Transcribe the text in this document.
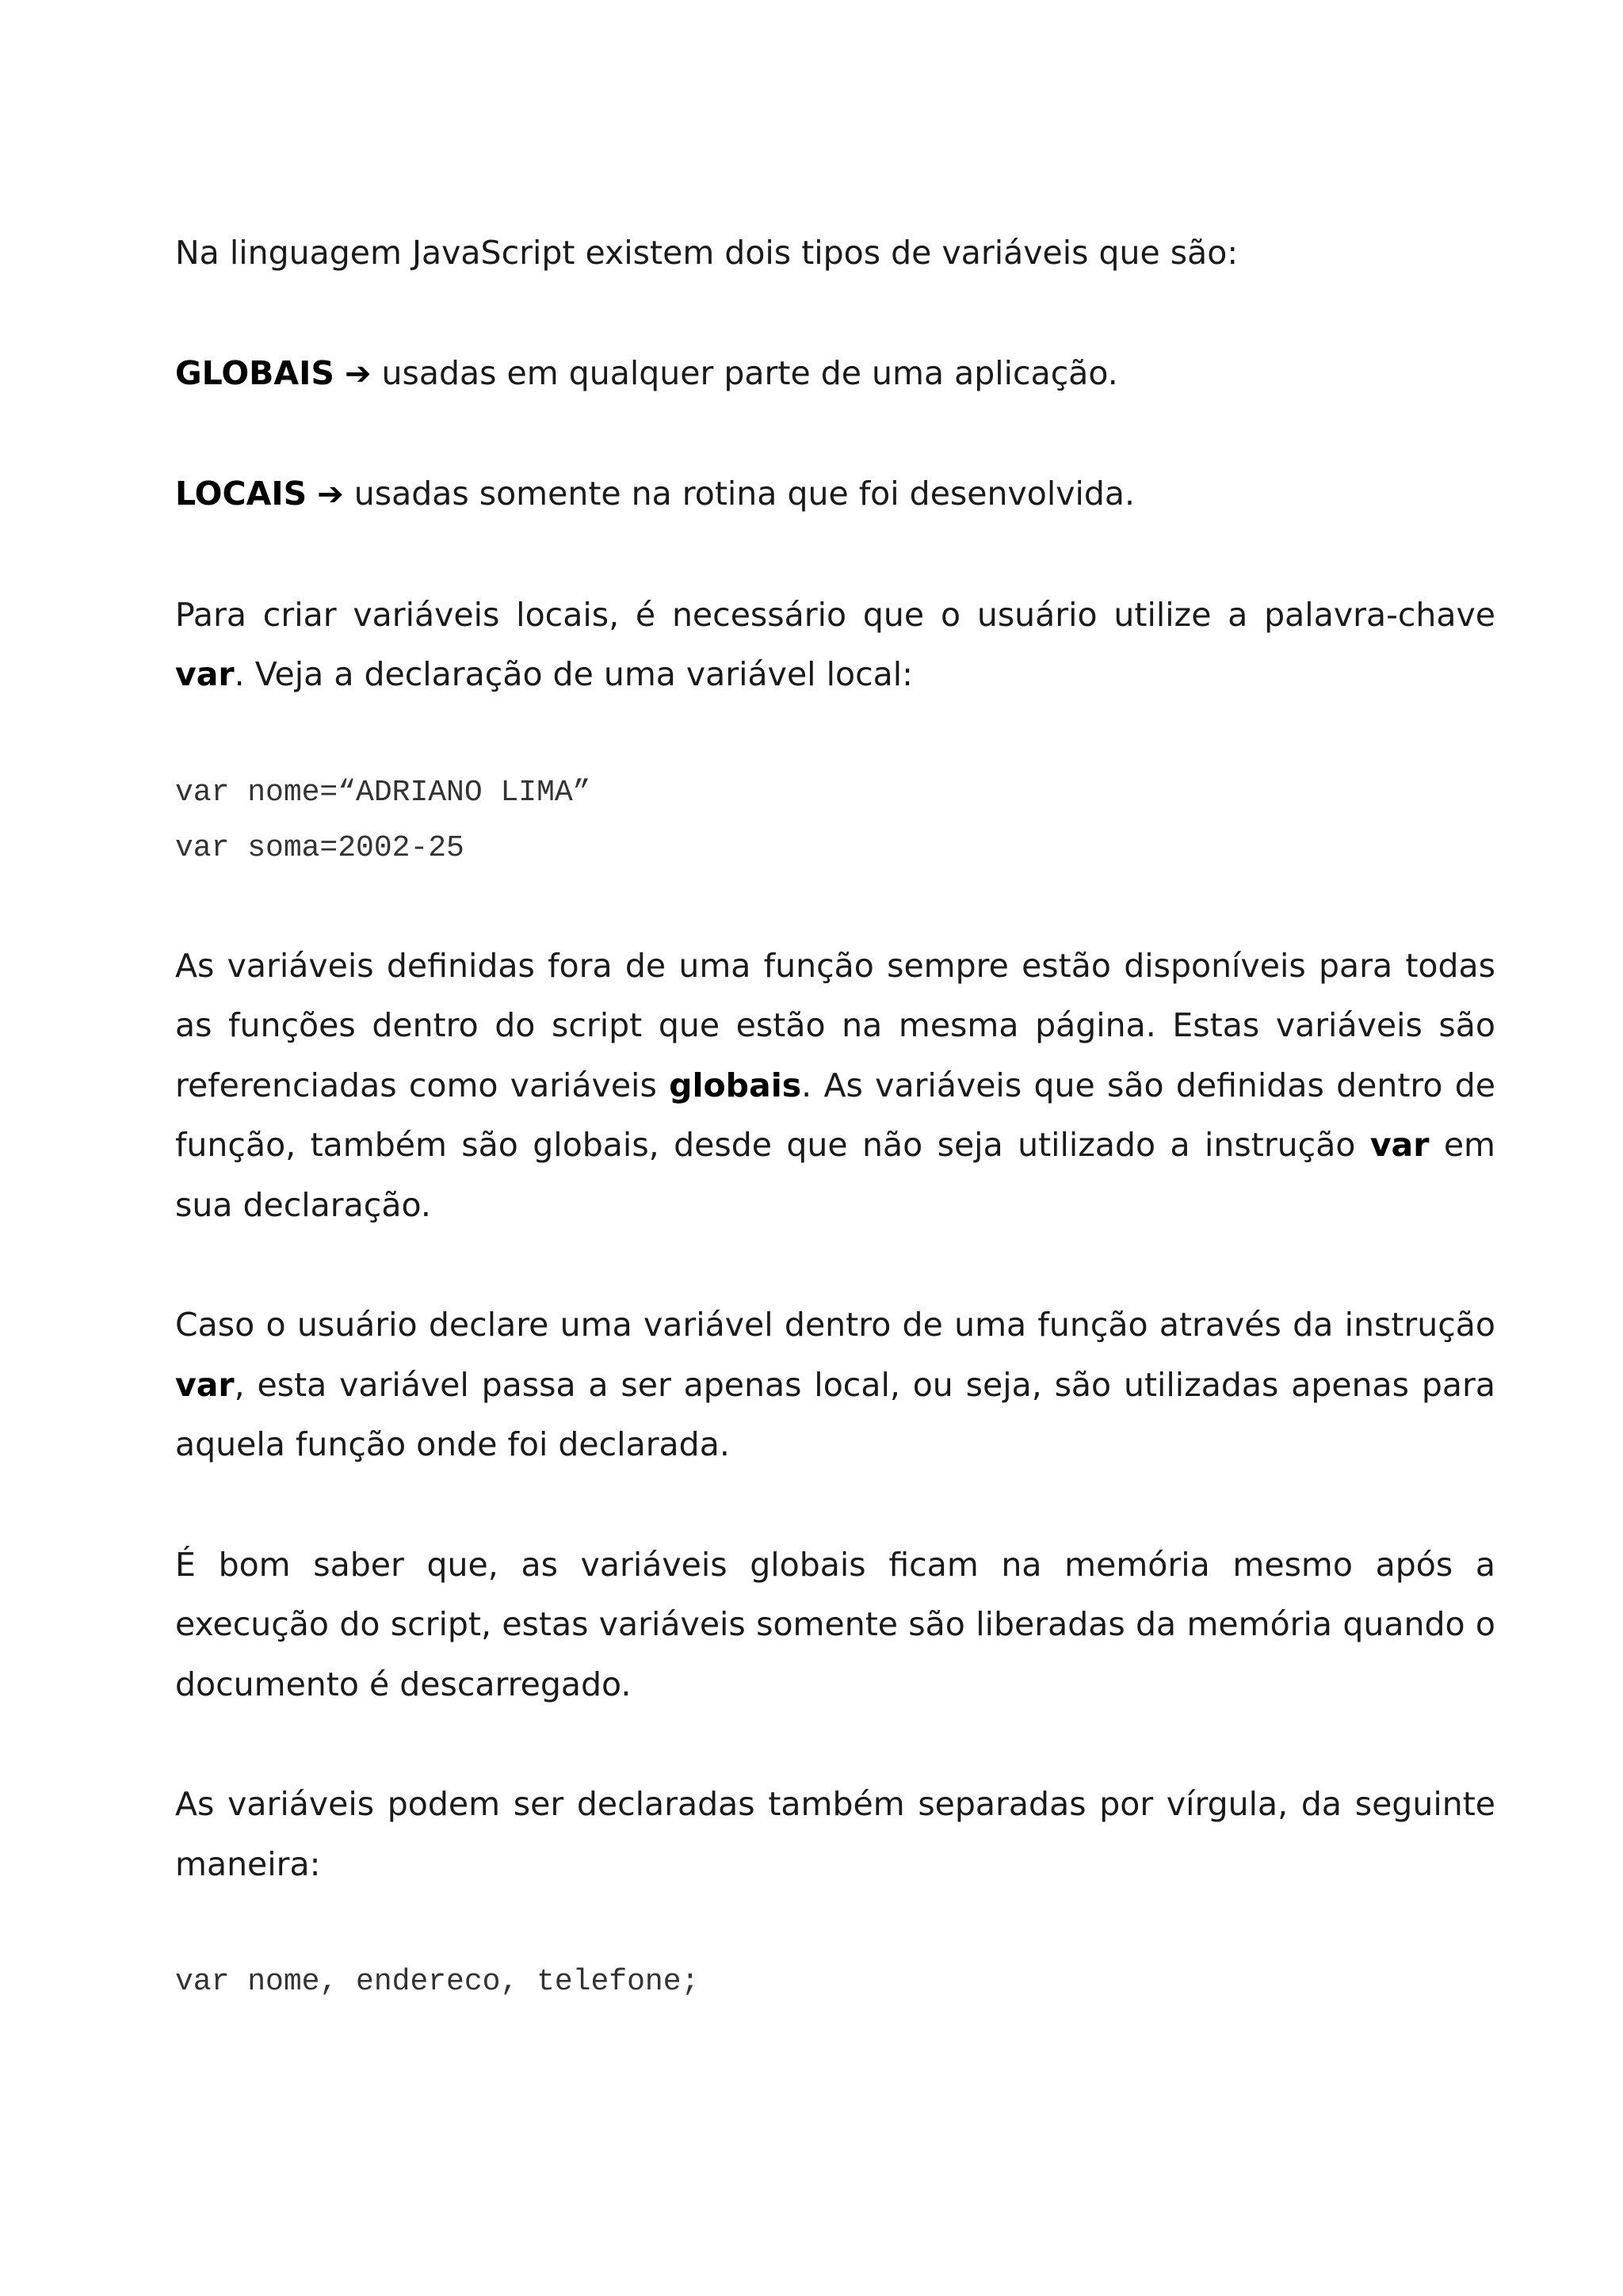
Na linguagem JavaScript existem dois tipos de variáveis que são:

GLOBAIS ➔ usadas em qualquer parte de uma aplicação.

LOCAIS ➔ usadas somente na rotina que foi desenvolvida.

Para criar variáveis locais, é necessário que o usuário utilize a palavra-chave var. Veja a declaração de uma variável local:

var nome=“ADRIANO LIMA”
var soma=2002-25

As variáveis definidas fora de uma função sempre estão disponíveis para todas as funções dentro do script que estão na mesma página. Estas variáveis são referenciadas como variáveis globais. As variáveis que são definidas dentro de função, também são globais, desde que não seja utilizado a instrução var em sua declaração.

Caso o usuário declare uma variável dentro de uma função através da instrução var, esta variável passa a ser apenas local, ou seja, são utilizadas apenas para aquela função onde foi declarada.

É bom saber que, as variáveis globais ficam na memória mesmo após a execução do script, estas variáveis somente são liberadas da memória quando o documento é descarregado.

As variáveis podem ser declaradas também separadas por vírgula, da seguinte maneira:

var nome, endereco, telefone;
